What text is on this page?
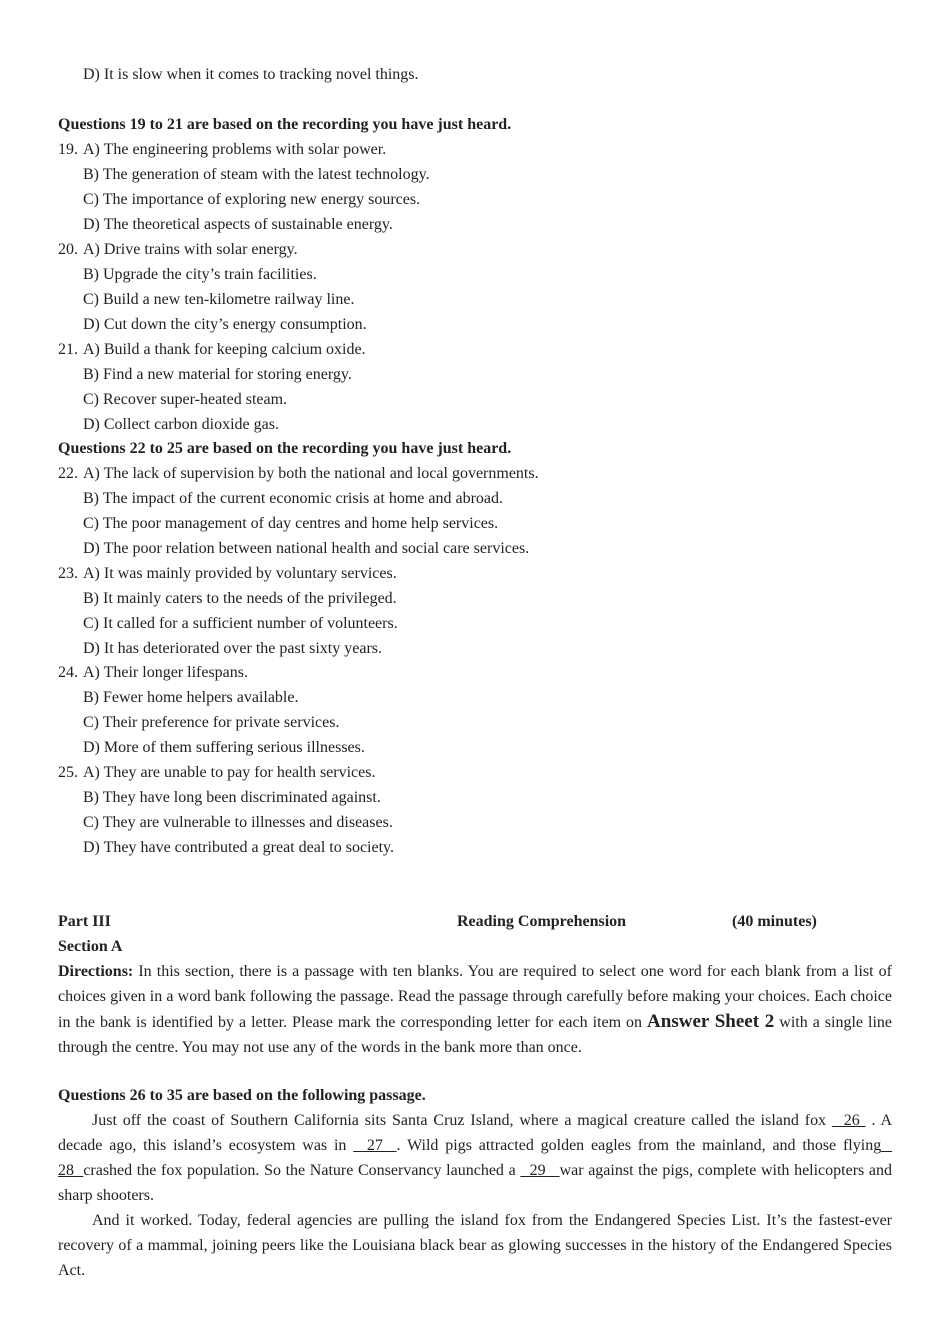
D) It is slow when it comes to tracking novel things.
Questions 19 to 21 are based on the recording you have just heard.
19. A) The engineering problems with solar power.
B) The generation of steam with the latest technology.
C) The importance of exploring new energy sources.
D) The theoretical aspects of sustainable energy.
20. A) Drive trains with solar energy.
B) Upgrade the city’s train facilities.
C) Build a new ten-kilometre railway line.
D) Cut down the city’s energy consumption.
21. A) Build a thank for keeping calcium oxide.
B) Find a new material for storing energy.
C) Recover super-heated steam.
D) Collect carbon dioxide gas.
Questions 22 to 25 are based on the recording you have just heard.
22. A) The lack of supervision by both the national and local governments.
B) The impact of the current economic crisis at home and abroad.
C) The poor management of day centres and home help services.
D) The poor relation between national health and social care services.
23. A) It was mainly provided by voluntary services.
B) It mainly caters to the needs of the privileged.
C) It called for a sufficient number of volunteers.
D) It has deteriorated over the past sixty years.
24. A) Their longer lifespans.
B) Fewer home helpers available.
C) Their preference for private services.
D) More of them suffering serious illnesses.
25. A) They are unable to pay for health services.
B) They have long been discriminated against.
C) They are vulnerable to illnesses and diseases.
D) They have contributed a great deal to society.
Part III	Reading Comprehension	(40 minutes)
Section A
Directions: In this section, there is a passage with ten blanks. You are required to select one word for each blank from a list of choices given in a word bank following the passage. Read the passage through carefully before making your choices. Each choice in the bank is identified by a letter. Please mark the corresponding letter for each item on Answer Sheet 2 with a single line through the centre. You may not use any of the words in the bank more than once.
Questions 26 to 35 are based on the following passage.
Just off the coast of Southern California sits Santa Cruz Island, where a magical creature called the island fox   26  . A decade ago, this island’s ecosystem was in   27  . Wild pigs attracted golden eagles from the mainland, and those flying   28  crashed the fox population. So the Nature Conservancy launched a   29   war against the pigs, complete with helicopters and sharp shooters.
And it worked. Today, federal agencies are pulling the island fox from the Endangered Species List. It’s the fastest-ever recovery of a mammal, joining peers like the Louisiana black bear as glowing successes in the history of the Endangered Species Act.
